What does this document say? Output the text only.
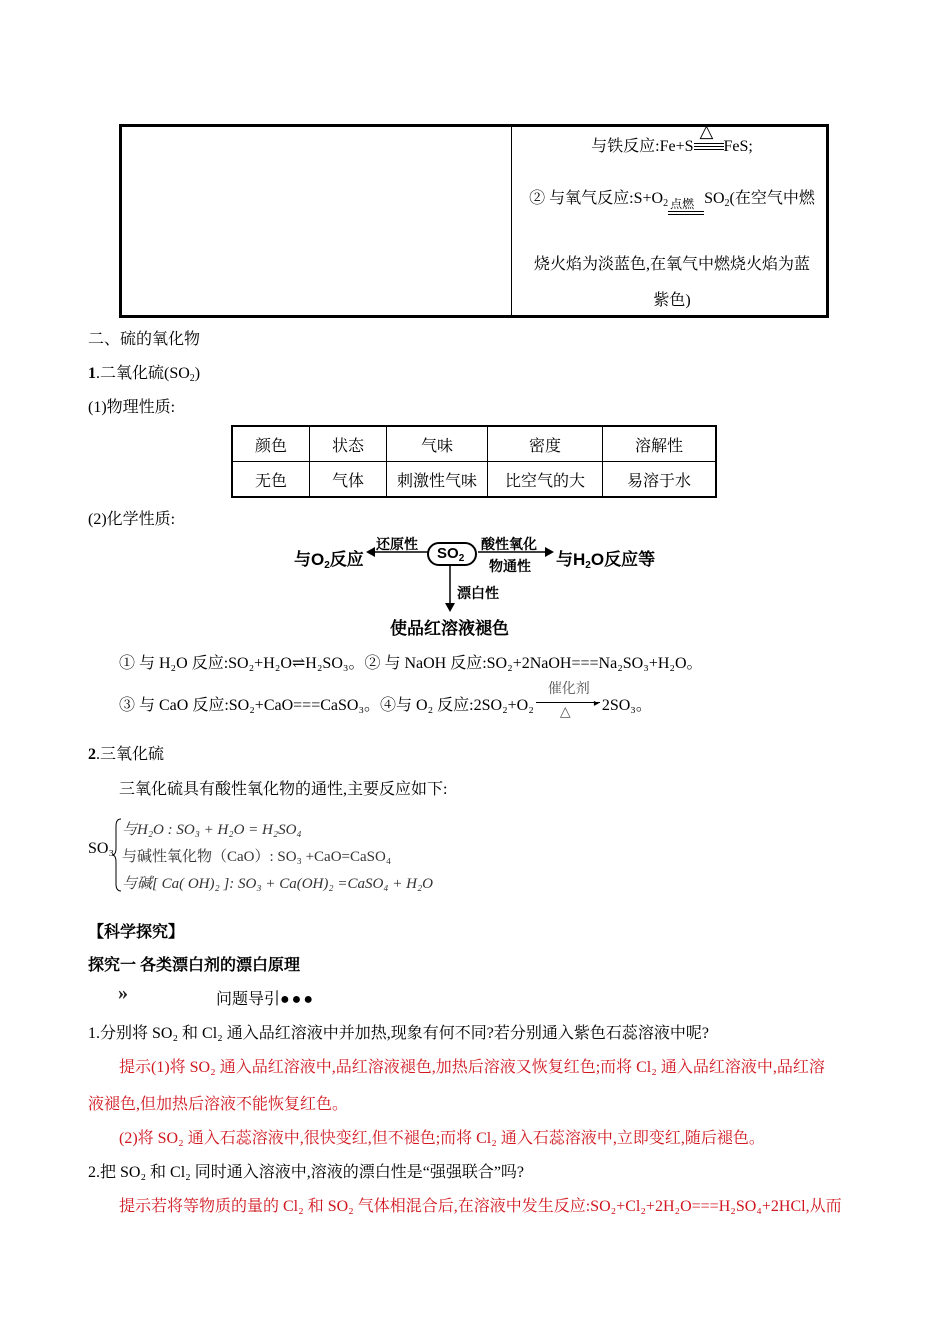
与铁反应:Fe+S
△
FeS;
② 与氧气反应$:S+O_2$ 点燃 $SO_2$(在空气中燃
烧火焰为淡蓝色,在氧气中燃烧火焰为蓝
紫色)
二、硫的氧化物
1.二氧化硫$(SO_2)$
(1)物理性质:
颜色	状态	气味	密度	溶解性
无色	气体	刺激性气味	比空气的大	易溶于水
(2)化学性质:
与$O_2$反应
还原性
$SO_2$
酸性氧化
物通性 与$H_2O$反应等
漂白性
使品红溶液褪色
① 与 H₂O 反应:SO₂+H₂O⇌H₂SO₃。② 与 NaOH 反应:SO₂+2NaOH===Na₂SO₃+H₂O。
③ 与 CaO 反应:SO₂+CaO===CaSO₃。④与 O₂ 反应:2SO₂+O₂
催化剂
▸
△ 2SO₃。
2.三氧化硫
三氧化硫具有酸性氧化物的通性,主要反应如下:
SO₃
与H₂O : SO₃ + H₂O = H₂SO₄
与碱性氧化物（CaO）: SO₃ +CaO=CaSO₄
与碱[ Ca( OH)₂ ]: SO₃ + Ca(OH)₂ =CaSO₄ + H₂O
【科学探究】
探究一 各类漂白剂的漂白原理
»	问题导引●●●
1.分别将 SO₂ 和 Cl₂ 通入品红溶液中并加热,现象有何不同?若分别通入紫色石蕊溶液中呢?
提示(1)将 SO₂ 通入品红溶液中,品红溶液褪色,加热后溶液又恢复红色;而将 Cl₂ 通入品红溶液中,品红溶
液褪色,但加热后溶液不能恢复红色。
(2)将 SO₂ 通入石蕊溶液中,很快变红,但不褪色;而将 Cl₂ 通入石蕊溶液中,立即变红,随后褪色。
2.把 SO₂ 和 Cl₂ 同时通入溶液中,溶液的漂白性是“强强联合”吗?
提示若将等物质的量的 Cl₂ 和 SO₂ 气体相混合后,在溶液中发生反应:SO₂+Cl₂+2H₂O===H₂SO₄+2HCl,从而
